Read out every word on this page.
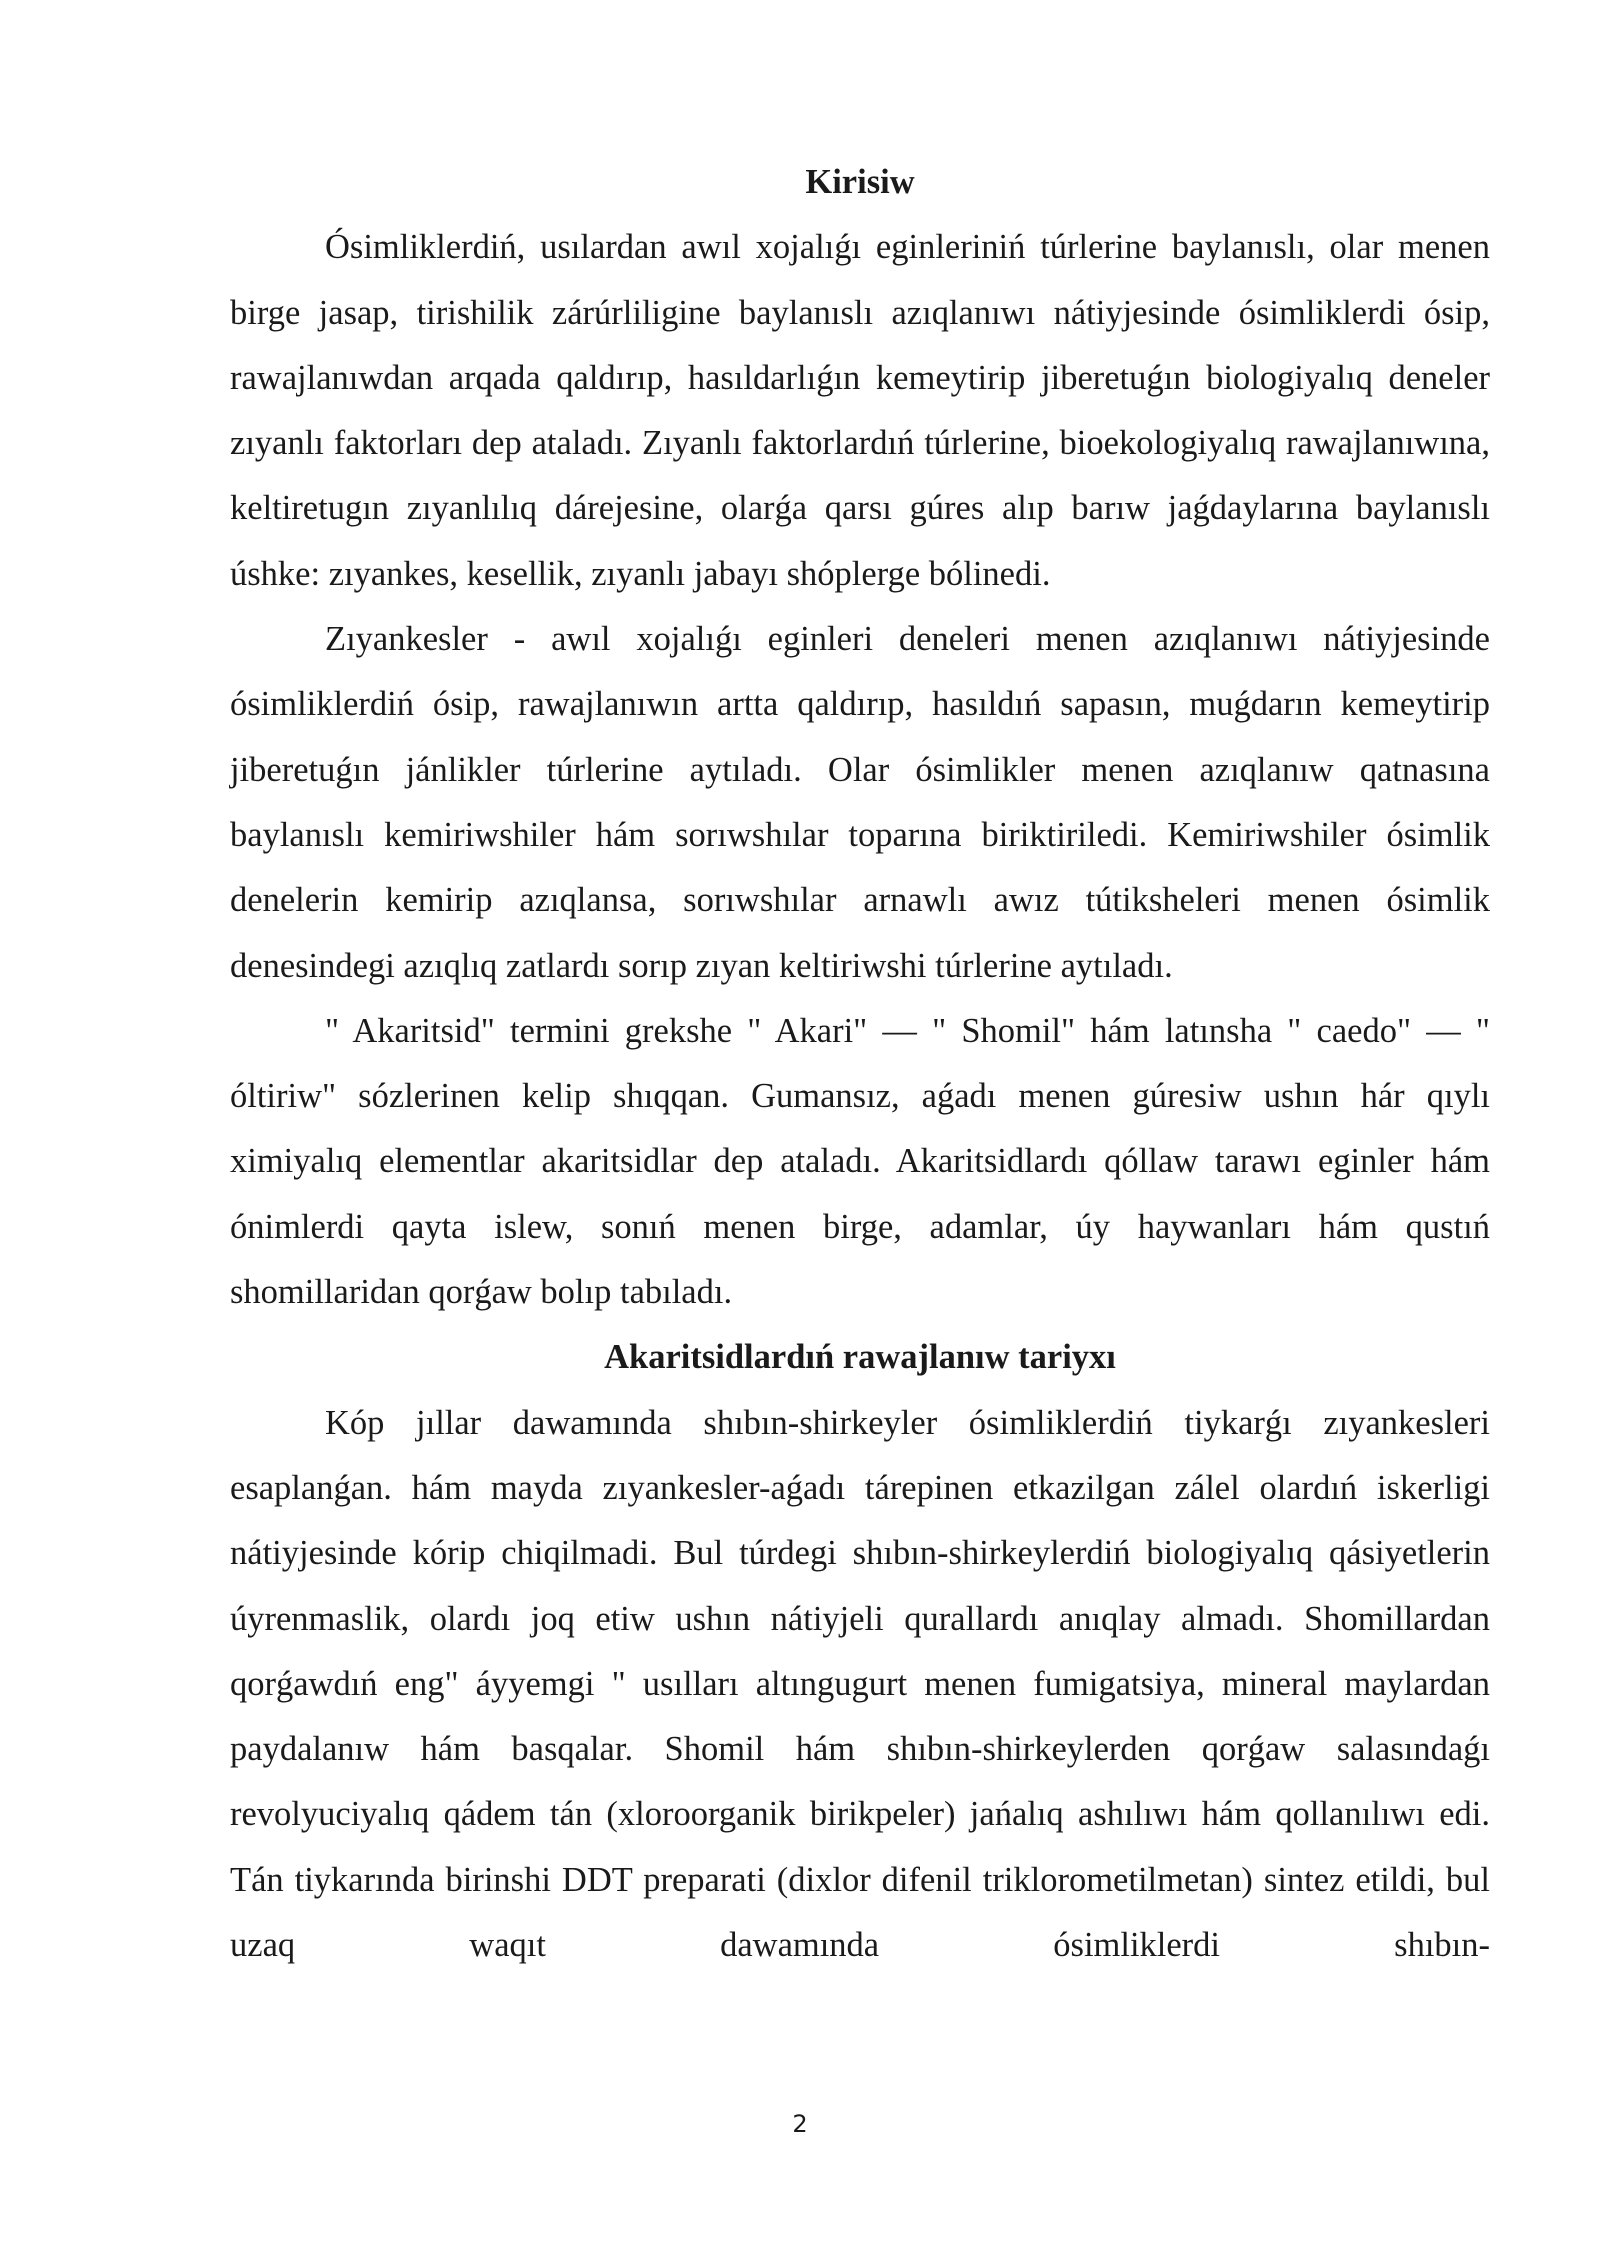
Kirisiw

Ósimliklerdiń, usılardan awıl xojalıǵı eginleriniń túrlerine baylanıslı, olar menen birge jasap, tirishilik zárúrliligine baylanıslı azıqlanıwı nátiyjesinde ósimliklerdi ósip, rawajlanıwdan arqada qaldırıp, hasıldarlıǵın kemeytirip jiberetuǵın biologiyalıq deneler zıyanlı faktorları dep ataladı. Zıyanlı faktorlardıń túrlerine, bioekologiyalıq rawajlanıwına, keltiretugın zıyanlılıq dárejesine, olarǵa qarsı gúres alıp barıw jaǵdaylarına baylanıslı úshke: zıyankes, kesellik, zıyanlı jabayı shóplerge bólinedi.

Zıyankesler - awıl xojalıǵı eginleri deneleri menen azıqlanıwı nátiyjesinde ósimliklerdiń ósip, rawajlanıwın artta qaldırıp, hasıldıń sapasın, muǵdarın kemeytirip jiberetuǵın jánlikler túrlerine aytıladı. Olar ósimlikler menen azıqlanıw qatnasına baylanıslı kemiriwshiler hám sorıwshılar toparına biriktiriledi. Kemiriwshiler ósimlik denelerin kemirip azıqlansa, sorıwshılar arnawlı awız tútiksheleri menen ósimlik denesindegi azıqlıq zatlardı sorıp zıyan keltiriwshi túrlerine aytıladı.

" Akaritsid" termini grekshe " Akari" — " Shomil" hám latınsha " caedo" — " óltiriw" sózlerinen kelip shıqqan. Gumansız, aǵadı menen gúresiw ushın hár qıylı ximiyalıq elementlar akaritsidlar dep ataladı. Akaritsidlardı qóllaw tarawı eginler hám ónimlerdi qayta islew, sonıń menen birge, adamlar, úy haywanları hám qustıń shomillaridan qorǵaw bolıp tabıladı.

Akaritsidlardıń rawajlanıw tariyxı

Kóp jıllar dawamında shıbın-shirkeyler ósimliklerdiń tiykarǵı zıyankesleri esaplanǵan. hám mayda zıyankesler-aǵadı tárepinen etkazilgan zálel olardıń iskerligi nátiyjesinde kórip chiqilmadi. Bul túrdegi shıbın-shirkeylerdiń biologiyalıq qásiyetlerin úyrenmaslik, olardı joq etiw ushın nátiyjeli qurallardı anıqlay almadı. Shomillardan qorǵawdıń eng" áyyemgi " usılları altıngugurt menen fumigatsiya, mineral maylardan paydalanıw hám basqalar. Shomil hám shıbın-shirkeylerden qorǵaw salasındaǵı revolyuciyalıq qádem tán (xloroorganik birikpeler) jańalıq ashılıwı hám qollanılıwı edi. Tán tiykarında birinshi DDT preparati (dixlor difenil triklorometilmetan) sintez etildi, bul uzaq waqıt dawamında ósimliklerdi shıbın-

2
